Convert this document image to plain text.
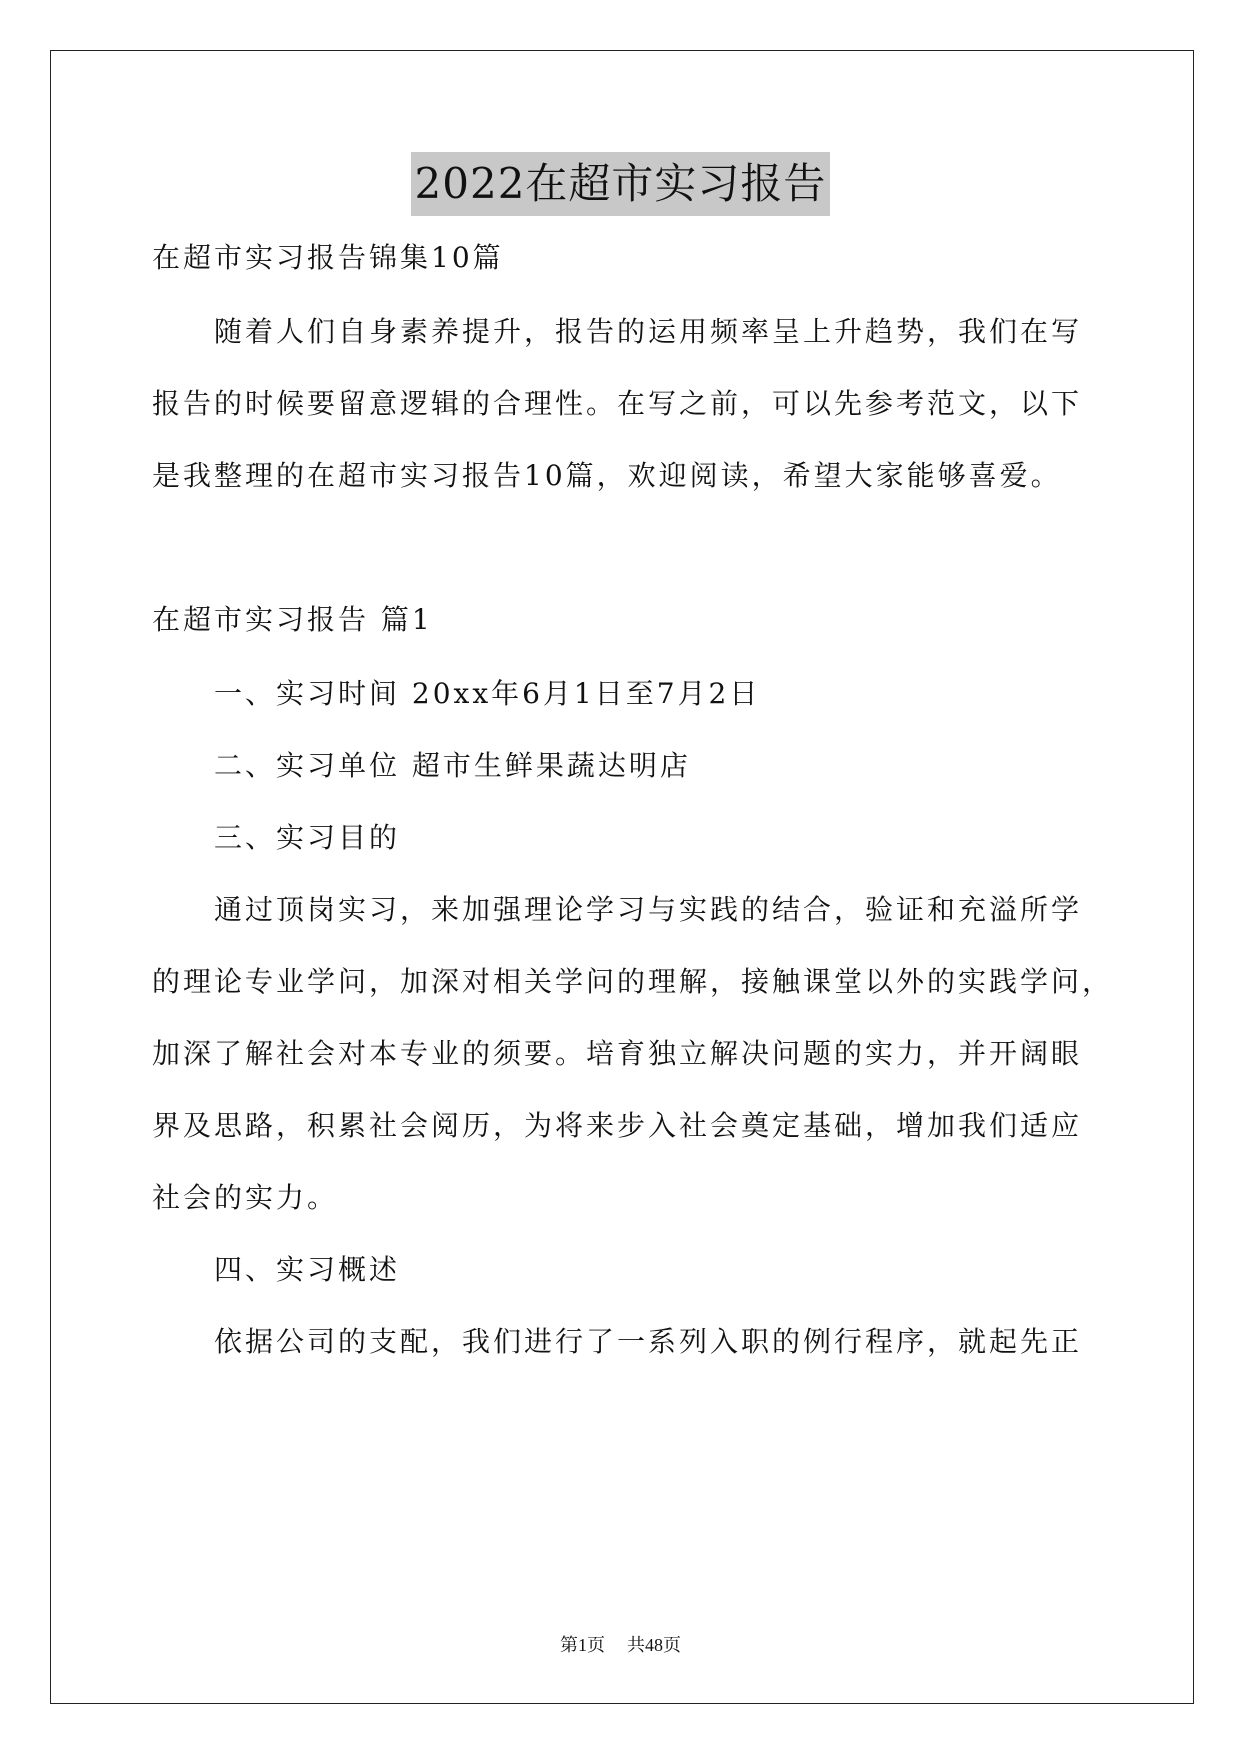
2022在超市实习报告
在超市实习报告锦集10篇
随着人们自身素养提升，报告的运用频率呈上升趋势，我们在写
报告的时候要留意逻辑的合理性。在写之前，可以先参考范文，以下
是我整理的在超市实习报告10篇，欢迎阅读，希望大家能够喜爱。
在超市实习报告 篇1
一、实习时间 20xx年6月1日至7月2日
二、实习单位 超市生鲜果蔬达明店
三、实习目的
通过顶岗实习，来加强理论学习与实践的结合，验证和充溢所学
的理论专业学问，加深对相关学问的理解，接触课堂以外的实践学问，
加深了解社会对本专业的须要。培育独立解决问题的实力，并开阔眼
界及思路，积累社会阅历，为将来步入社会奠定基础，增加我们适应
社会的实力。
四、实习概述
依据公司的支配，我们进行了一系列入职的例行程序，就起先正
第1页 共48页
